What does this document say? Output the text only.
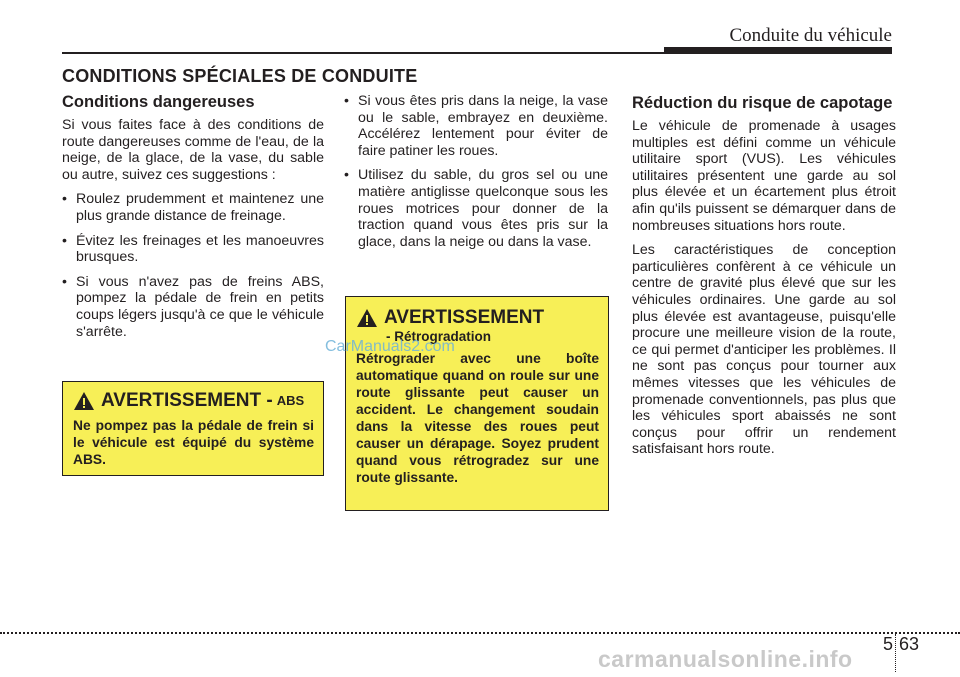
Conduite du véhicule
CONDITIONS SPÉCIALES DE CONDUITE
Conditions dangereuses

Si vous faites face à des conditions de route dangereuses comme de l'eau, de la neige, de la glace, de la vase, du sable ou autre, suivez ces suggestions :

• Roulez prudemment et maintenez une plus grande distance de freinage.
• Évitez les freinages et les manoeuvres brusques.
• Si vous n'avez pas de freins ABS, pompez la pédale de frein en petits coups légers jusqu'à ce que le véhicule s'arrête.
• Si vous êtes pris dans la neige, la vase ou le sable, embrayez en deuxième. Accélérez lentement pour éviter de faire patiner les roues.
• Utilisez du sable, du gros sel ou une matière antiglisse quelconque sous les roues motrices pour donner de la traction quand vous êtes pris sur la glace, dans la neige ou dans la vase.
AVERTISSEMENT - ABS
Ne pompez pas la pédale de frein si le véhicule est équipé du système ABS.
AVERTISSEMENT
- Rétrogradation
Rétrograder avec une boîte automatique quand on roule sur une route glissante peut causer un accident. Le changement soudain dans la vitesse des roues peut causer un dérapage. Soyez prudent quand vous rétrogradez sur une route glissante.
CarManuals2.com
Réduction du risque de capotage

Le véhicule de promenade à usages multiples est défini comme un véhicule utilitaire sport (VUS). Les véhicules utilitaires présentent une garde au sol plus élevée et un écartement plus étroit afin qu'ils puissent se démarquer dans de nombreuses situations hors route.

Les caractéristiques de conception particulières confèrent à ce véhicule un centre de gravité plus élevé que sur les véhicules ordinaires. Une garde au sol plus élevée est avantageuse, puisqu'elle procure une meilleure vision de la route, ce qui permet d'anticiper les problèmes. Il ne sont pas conçus pour tourner aux mêmes vitesses que les véhicules de promenade conventionnels, pas plus que les véhicules sport abaissés ne sont conçus pour offrir un rendement satisfaisant hors route.

5 63
carmanualsonline.info
